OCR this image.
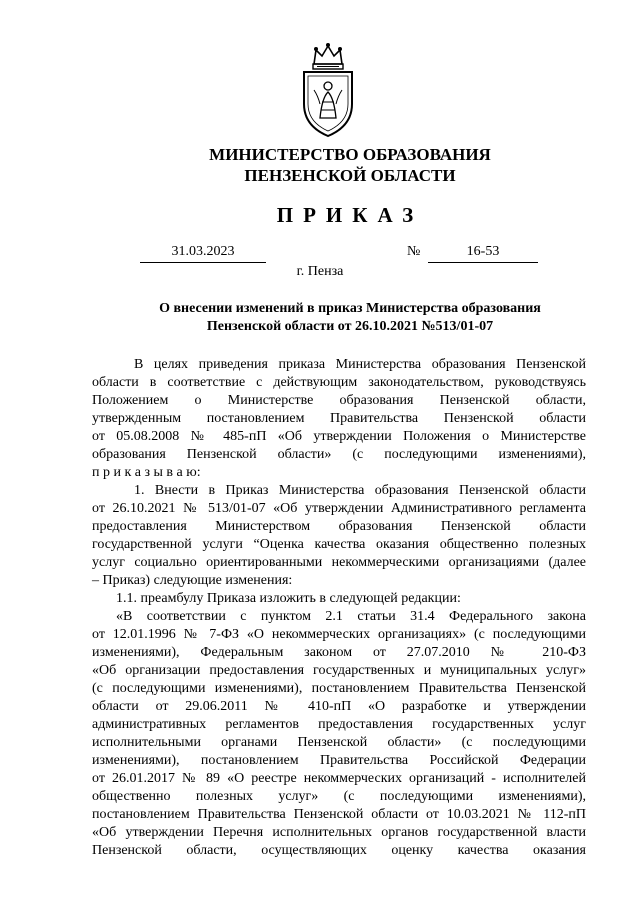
МИНИСТЕРСТВО ОБРАЗОВАНИЯ
ПЕНЗЕНСКОЙ ОБЛАСТИ
ПРИКАЗ
31.03.2023	№	16-53
г. Пенза
О внесении изменений в приказ Министерства образования
Пензенской области от 26.10.2021 №513/01-07
В целях приведения приказа Министерства образования Пензенской
области в соответствие с действующим законодательством, руководствуясь
Положением о Министерстве образования Пензенской области,
утвержденным постановлением Правительства Пензенской области
от 05.08.2008 № 485-пП «Об утверждении Положения о Министерстве
образования Пензенской области» (с последующими изменениями),
п р и к а з ы в а ю:
1. Внести в Приказ Министерства образования Пензенской области
от 26.10.2021 № 513/01-07 «Об утверждении Административного регламента
предоставления Министерством образования Пензенской области
государственной услуги “Оценка качества оказания общественно полезных
услуг социально ориентированными некоммерческими организациями (далее
– Приказ) следующие изменения:
1.1. преамбулу Приказа изложить в следующей редакции:
«В соответствии с пунктом 2.1 статьи 31.4 Федерального закона
от 12.01.1996 № 7-ФЗ «О некоммерческих организациях» (с последующими
изменениями), Федеральным законом от 27.07.2010 № 210-ФЗ
«Об организации предоставления государственных и муниципальных услуг»
(с последующими изменениями), постановлением Правительства Пензенской
области от 29.06.2011 № 410-пП «О разработке и утверждении
административных регламентов предоставления государственных услуг
исполнительными органами Пензенской области» (с последующими
изменениями), постановлением Правительства Российской Федерации
от 26.01.2017 № 89 «О реестре некоммерческих организаций - исполнителей
общественно полезных услуг» (с последующими изменениями),
постановлением Правительства Пензенской области от 10.03.2021 № 112-пП
«Об утверждении Перечня исполнительных органов государственной власти
Пензенской области, осуществляющих оценку качества оказания
